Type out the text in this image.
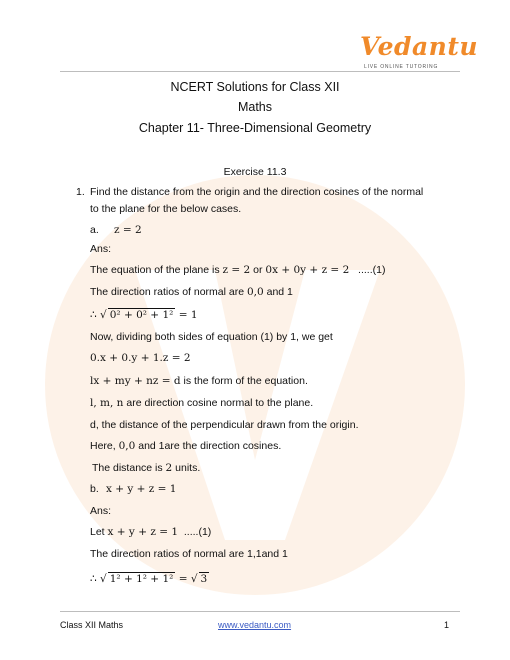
Vedantu
LIVE ONLINE TUTORING
NCERT Solutions for Class XII
Maths
Chapter 11- Three-Dimensional Geometry
Exercise 11.3
1. Find the distance from the origin and the direction cosines of the normal
to the plane for the below cases.
a. z = 2
Ans:
The equation of the plane is z = 2 or 0x + 0y + z = 2 .....(1)
The direction ratios of normal are 0,0 and 1
∴ √ 0² + 0² + 1² = 1
Now, dividing both sides of equation (1) by 1, we get
0.x + 0.y + 1.z = 2
lx + my + nz = d is the form of the equation.
l, m, n are direction cosine normal to the plane.
d, the distance of the perpendicular drawn from the origin.
Here, 0,0 and 1are the direction cosines.
The distance is 2 units.
b. x + y + z = 1
Ans:
Let x + y + z = 1 .....(1)
The direction ratios of normal are 1,1and 1
∴ √ 1² + 1² + 1² = √ 3
Class XII Maths	www.vedantu.com	1
